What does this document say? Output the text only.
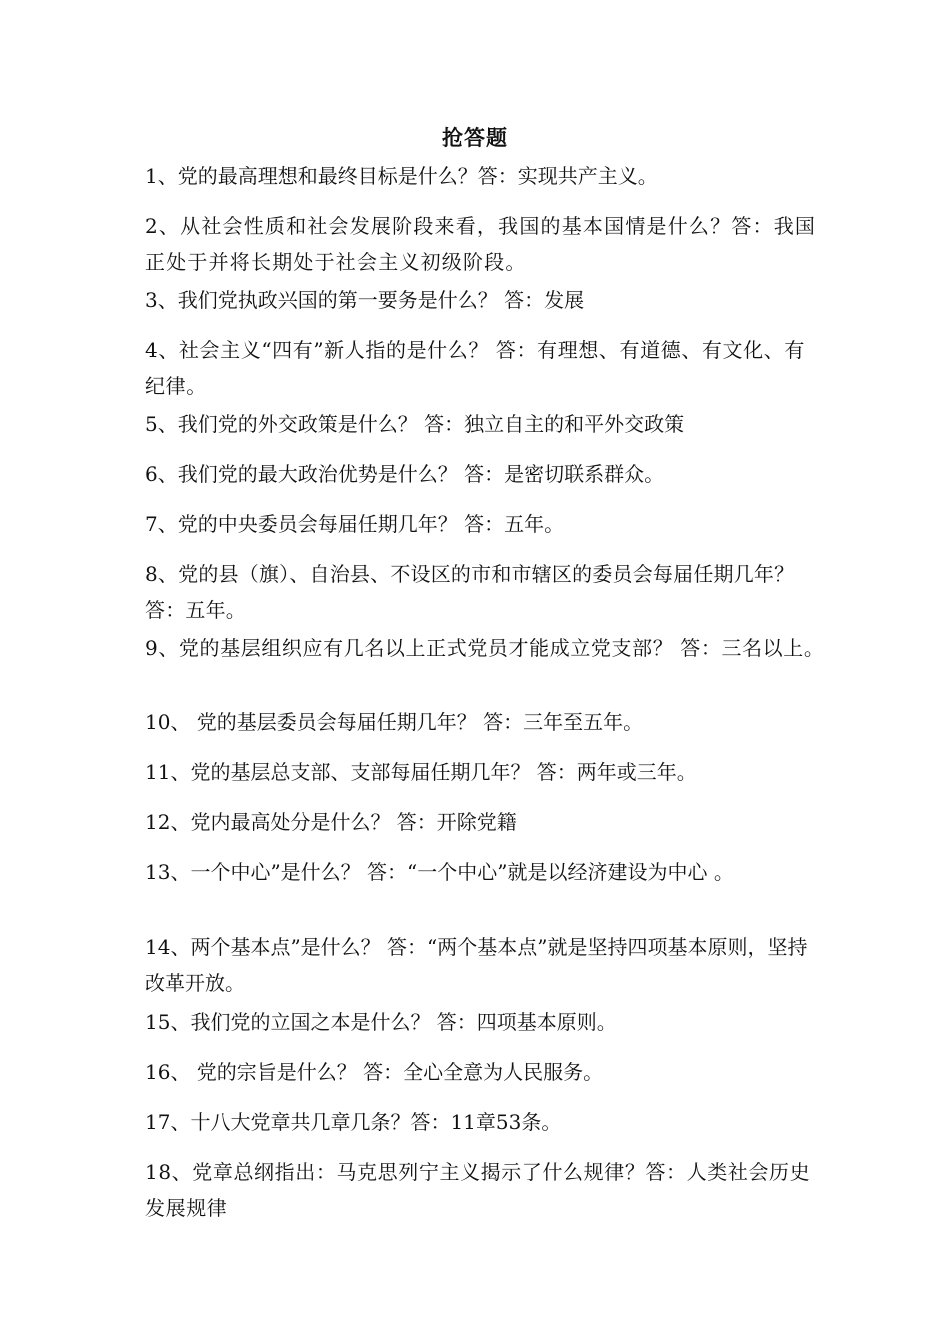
抢答题

1、党的最高理想和最终目标是什么？答：实现共产主义。

2、从社会性质和社会发展阶段来看，我国的基本国情是什么？答：我国正处于并将长期处于社会主义初级阶段。

3、我们党执政兴国的第一要务是什么？ 答：发展

4、社会主义“四有”新人指的是什么？ 答：有理想、有道德、有文化、有纪律。

5、我们党的外交政策是什么？ 答：独立自主的和平外交政策

6、我们党的最大政治优势是什么？ 答：是密切联系群众。

7、党的中央委员会每届任期几年？ 答：五年。

8、党的县（旗）、自治县、不设区的市和市辖区的委员会每届任期几年？ 答：五年。

9、党的基层组织应有几名以上正式党员才能成立党支部？ 答：三名以上。

10、 党的基层委员会每届任期几年？ 答：三年至五年。

11、党的基层总支部、支部每届任期几年？ 答：两年或三年。

12、党内最高处分是什么？ 答：开除党籍

13、一个中心”是什么？ 答：“一个中心”就是以经济建设为中心 。

14、两个基本点”是什么？ 答：“两个基本点”就是坚持四项基本原则，坚持改革开放。

15、我们党的立国之本是什么？ 答：四项基本原则。

16、 党的宗旨是什么？ 答：全心全意为人民服务。

17、十八大党章共几章几条？答：11章53条。

18、党章总纲指出：马克思列宁主义揭示了什么规律？答：人类社会历史发展规律
